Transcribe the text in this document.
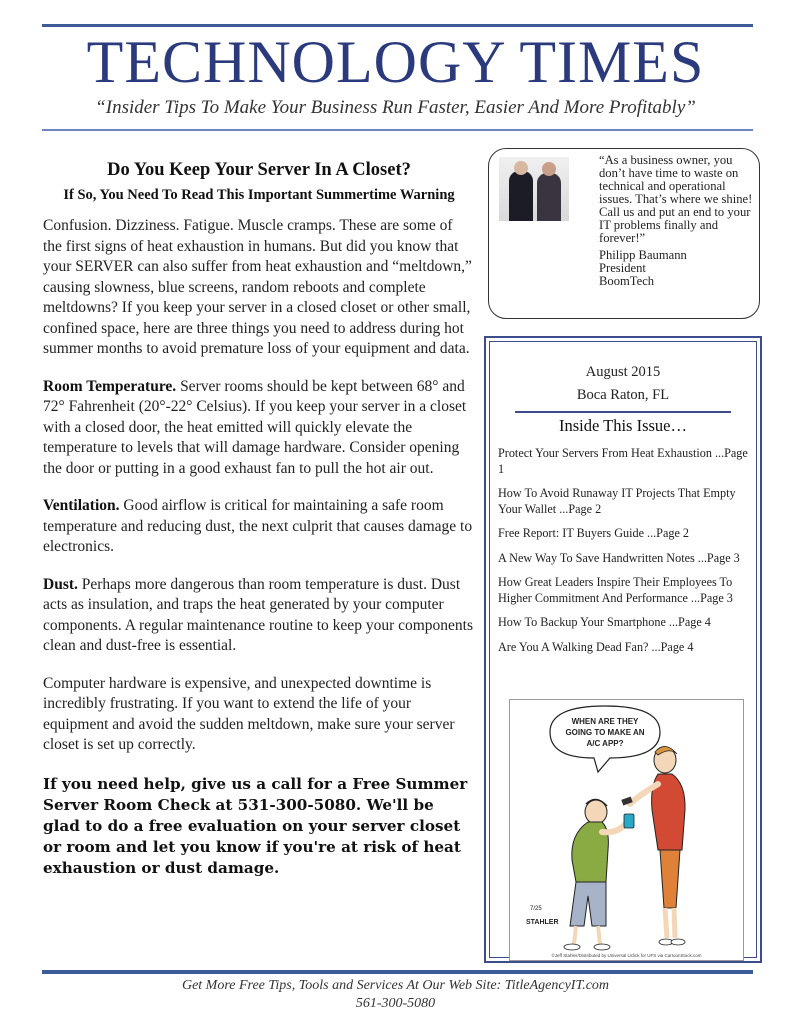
TECHNOLOGY TIMES
“Insider Tips To Make Your Business Run Faster, Easier And More Profitably”
Do You Keep Your Server In A Closet?
If So, You Need To Read This Important Summertime Warning

Confusion. Dizziness. Fatigue. Muscle cramps. These are some of the first signs of heat exhaustion in humans. But did you know that your SERVER can also suffer from heat exhaustion and “meltdown,” causing slowness, blue screens, random reboots and complete meltdowns? If you keep your server in a closed closet or other small, confined space, here are three things you need to address during hot summer months to avoid premature loss of your equipment and data.

Room Temperature. Server rooms should be kept between 68° and 72° Fahrenheit (20°-22° Celsius). If you keep your server in a closet with a closed door, the heat emitted will quickly elevate the temperature to levels that will damage hardware. Consider opening the door or putting in a good exhaust fan to pull the hot air out.

Ventilation. Good airflow is critical for maintaining a safe room temperature and reducing dust, the next culprit that causes damage to electronics.

Dust. Perhaps more dangerous than room temperature is dust. Dust acts as insulation, and traps the heat generated by your computer components. A regular maintenance routine to keep your components clean and dust-free is essential.

Computer hardware is expensive, and unexpected downtime is incredibly frustrating. If you want to extend the life of your equipment and avoid the sudden meltdown, make sure your server closet is set up correctly.

If you need help, give us a call for a Free Summer Server Room Check at 531-300-5080. We'll be glad to do a free evaluation on your server closet or room and let you know if you're at risk of heat exhaustion or dust damage.

“As a business owner, you don’t have time to waste on technical and operational issues. That’s where we shine! Call us and put an end to your IT problems finally and forever!”
Philipp Baumann
President
BoomTech
August 2015
Boca Raton, FL
Inside This Issue…
Protect Your Servers From Heat Exhaustion ...Page 1
How To Avoid Runaway IT Projects That Empty Your Wallet ...Page 2
Free Report: IT Buyers Guide ...Page 2
A New Way To Save Handwritten Notes ...Page 3
How Great Leaders Inspire Their Employees To Higher Commitment And Performance ...Page 3
How To Backup Your Smartphone ...Page 4
Are You A Walking Dead Fan? ...Page 4
WHEN ARE THEY
GOING TO MAKE AN
A/C APP?
7/25
STAHLER
©Jeff Stahler/Distributed by Universal Uclick for UFS via CartoonStock.com
Get More Free Tips, Tools and Services At Our Web Site: TitleAgencyIT.com
561-300-5080
